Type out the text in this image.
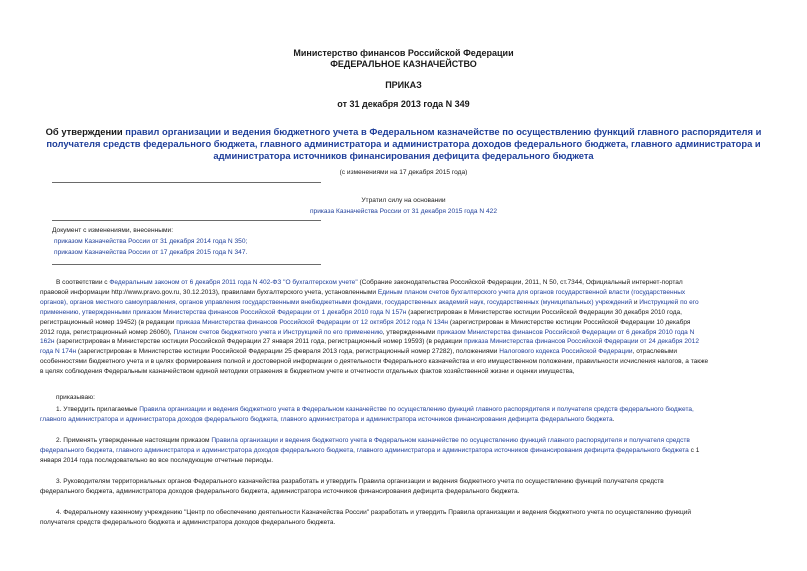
Министерство финансов Российской Федерации
ФЕДЕРАЛЬНОЕ КАЗНАЧЕЙСТВО
ПРИКАЗ
от 31 декабря 2013 года N 349
Об утверждении правил организации и ведения бюджетного учета в Федеральном казначействе по осуществлению функций главного распорядителя и
получателя средств федерального бюджета, главного администратора и администратора доходов федерального бюджета, главного администратора и
администратора источников финансирования дефицита федерального бюджета
(с изменениями на 17 декабря 2015 года)
Утратил силу на основании
приказа Казначейства России от 31 декабря 2015 года N 422
Документ с изменениями, внесенными:
приказом Казначейства России от 31 декабря 2014 года N 350;
приказом Казначейства России от 17 декабря 2015 года N 347.
В соответствии с Федеральным законом от 6 декабря 2011 года N 402-ФЗ "О бухгалтерском учете" (Собрание законодательства Российской Федерации, 2011, N 50, ст.7344, Официальный интернет-портал
правовой информации http://www.pravo.gov.ru, 30.12.2013), правилами бухгалтерского учета, установленными Единым планом счетов бухгалтерского учета для органов государственной власти (государственных
органов), органов местного самоуправления, органов управления государственными внебюджетными фондами, государственных академий наук, государственных (муниципальных) учреждений и Инструкцией по его
применению, утвержденными приказом Министерства финансов Российской Федерации от 1 декабря 2010 года N 157н (зарегистрирован в Министерстве юстиции Российской Федерации 30 декабря 2010 года,
регистрационный номер 19452) (в редакции приказа Министерства финансов Российской Федерации от 12 октября 2012 года N 134н (зарегистрирован в Министерстве юстиции Российской Федерации 10 декабря
2012 года, регистрационный номер 26060), Планом счетов бюджетного учета и Инструкцией по его применению, утвержденными приказом Министерства финансов Российской Федерации от 6 декабря 2010 года N
162н (зарегистрирован в Министерстве юстиции Российской Федерации 27 января 2011 года, регистрационный номер 19593) (в редакции приказа Министерства финансов Российской Федерации от 24 декабря 2012
года N 174н (зарегистрирован в Министерстве юстиции Российской Федерации 25 февраля 2013 года, регистрационный номер 27282), положениями Налогового кодекса Российской Федерации, отраслевыми
особенностями бюджетного учета и в целях формирования полной и достоверной информации о деятельности Федерального казначейства и его имущественном положении, правильности исчисления налогов, а также
в целях соблюдения Федеральным казначейством единой методики отражения в бюджетном учете и отчетности отдельных фактов хозяйственной жизни и оценки имущества,
приказываю:
1. Утвердить прилагаемые Правила организации и ведения бюджетного учета в Федеральном казначействе по осуществлению функций главного распорядителя и получателя средств федерального бюджета,
главного администратора и администратора доходов федерального бюджета, главного администратора и администратора источников финансирования дефицита федерального бюджета.
2. Применять утвержденные настоящим приказом Правила организации и ведения бюджетного учета в Федеральном казначействе по осуществлению функций главного распорядителя и получателя средств
федерального бюджета, главного администратора и администратора доходов федерального бюджета, главного администратора и администратора источников финансирования дефицита федерального бюджета с 1
января 2014 года последовательно во все последующие отчетные периоды.
3. Руководителям территориальных органов Федерального казначейства разработать и утвердить Правила организации и ведения бюджетного учета по осуществлению функций получателя средств
федерального бюджета, администратора доходов федерального бюджета, администратора источников финансирования дефицита федерального бюджета.
4. Федеральному казенному учреждению "Центр по обеспечению деятельности Казначейства России" разработать и утвердить Правила организации и ведения бюджетного учета по осуществлению функций
получателя средств федерального бюджета и администратора доходов федерального бюджета.
